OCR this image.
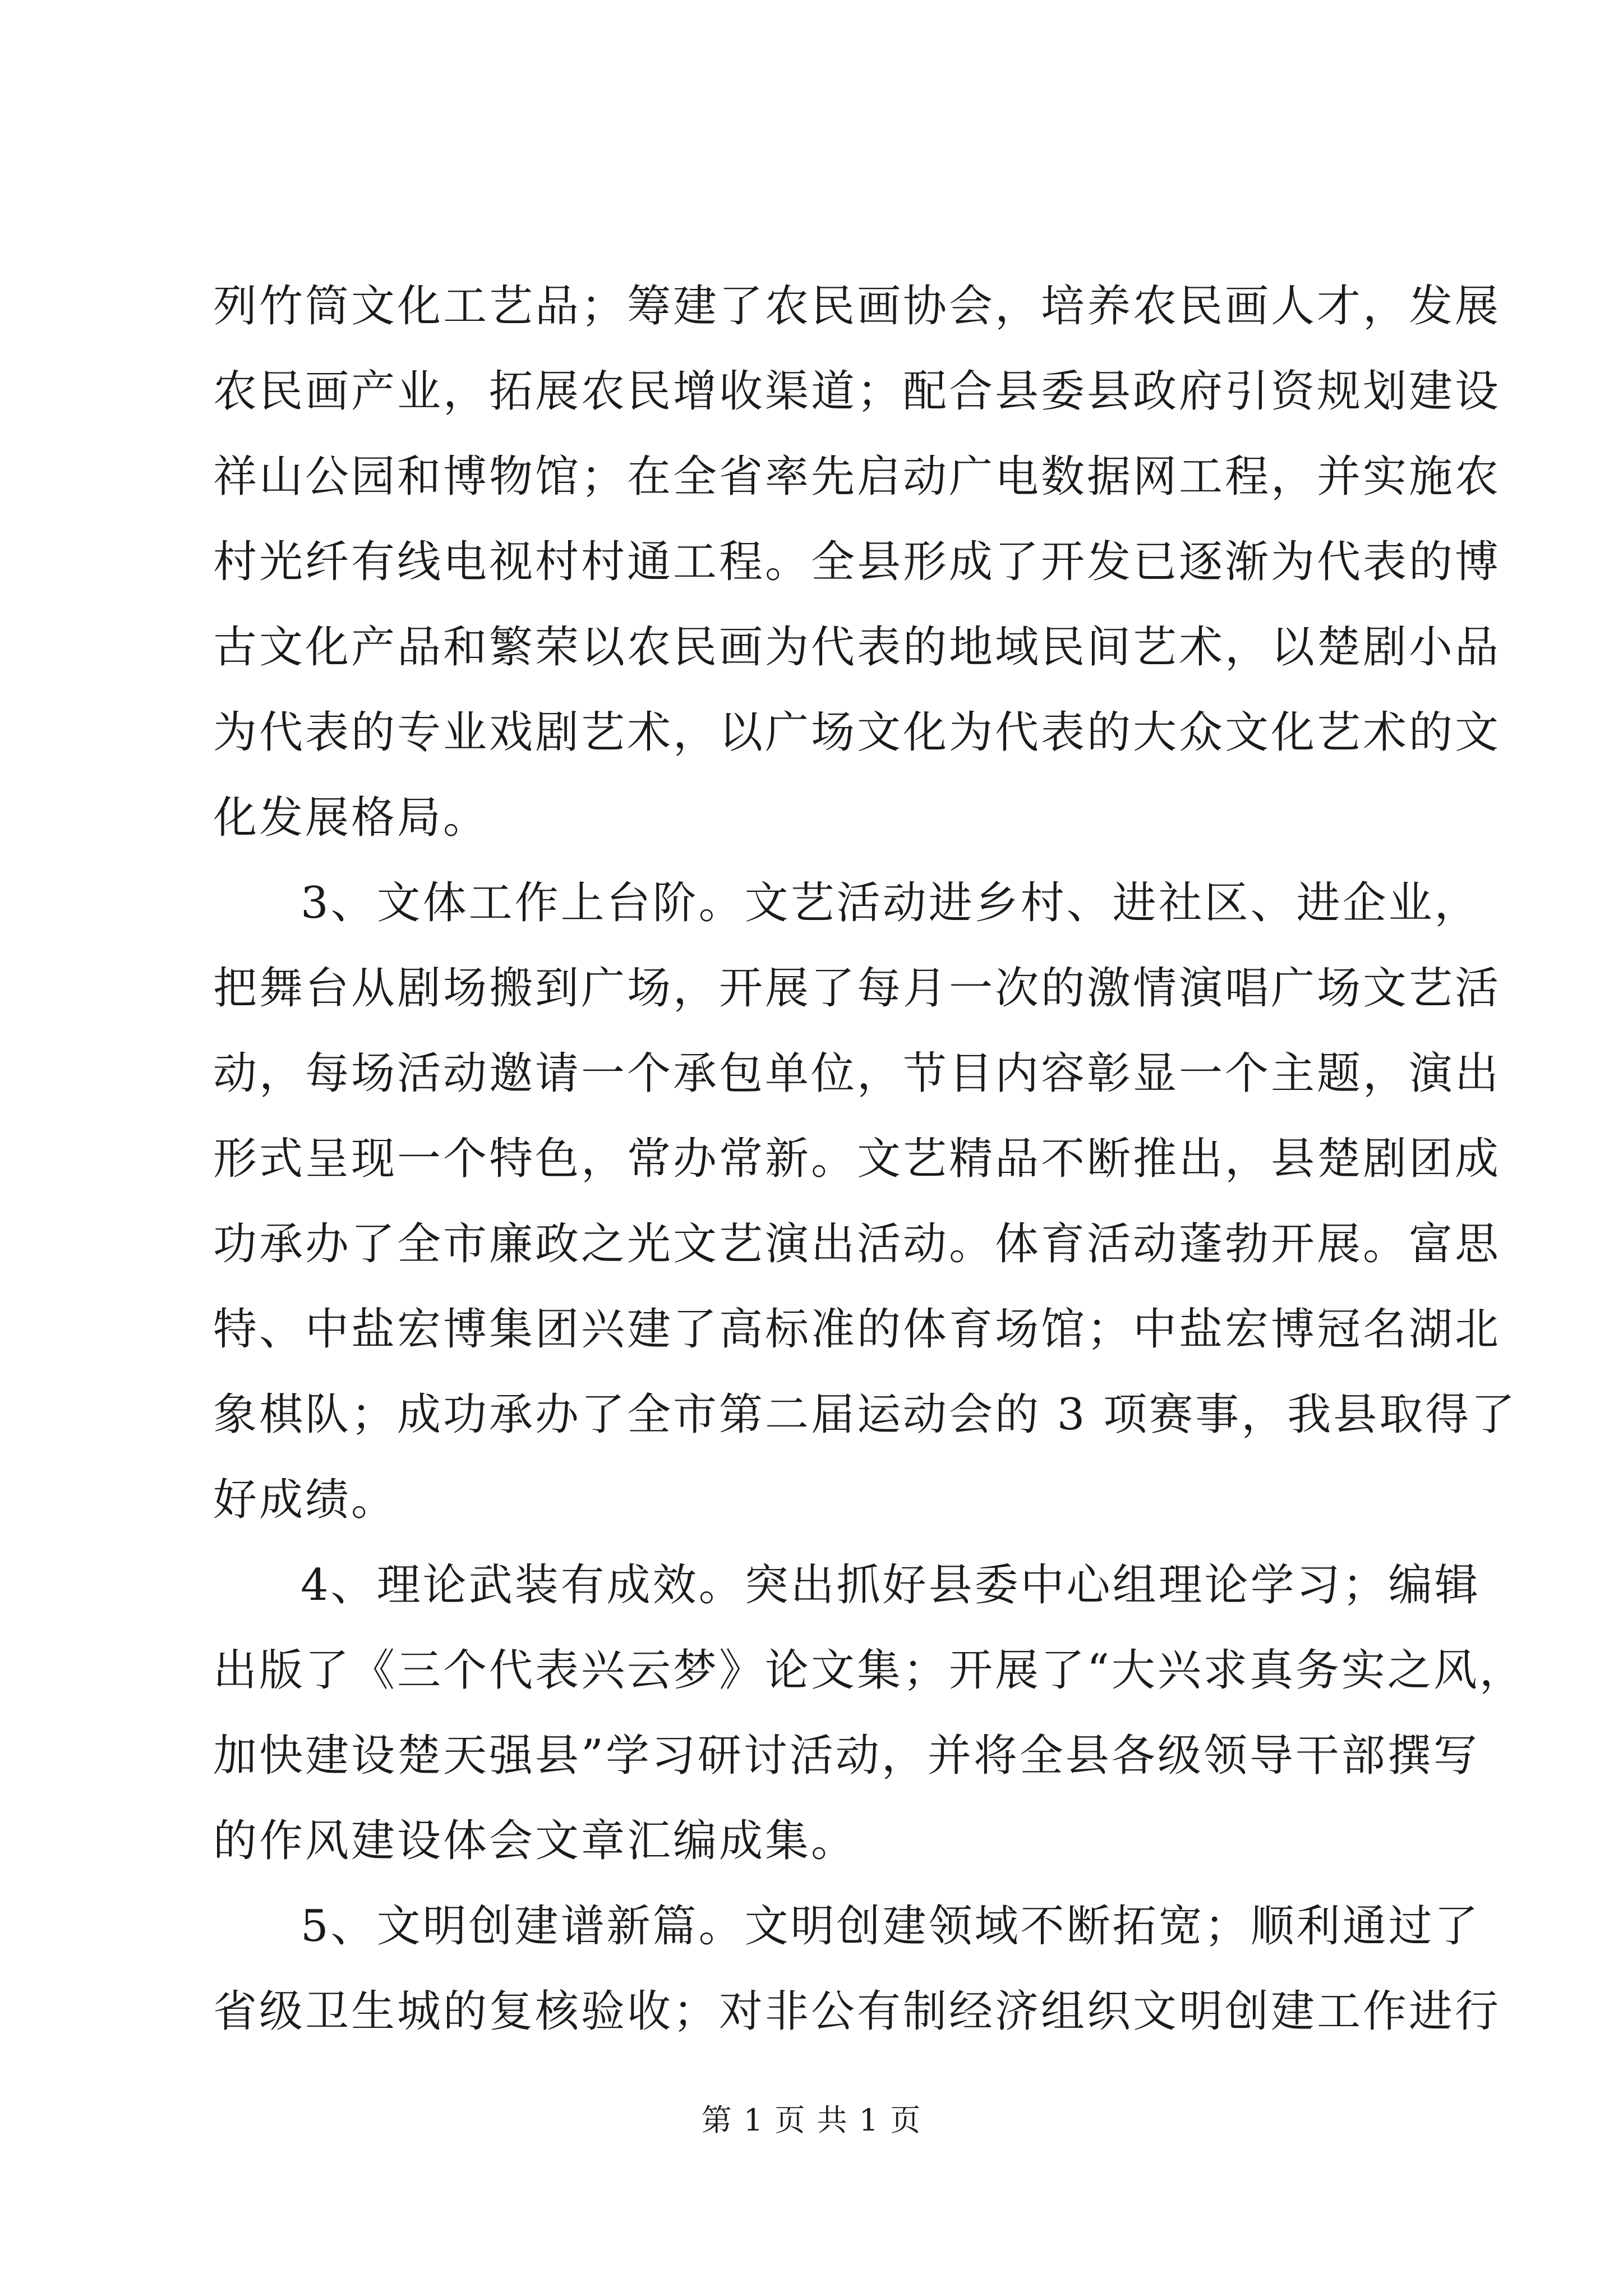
列竹筒文化工艺品；筹建了农民画协会，培养农民画人才，发展
农民画产业，拓展农民增收渠道；配合县委县政府引资规划建设
祥山公园和博物馆；在全省率先启动广电数据网工程，并实施农
村光纤有线电视村村通工程。全县形成了开发已逐渐为代表的博
古文化产品和繁荣以农民画为代表的地域民间艺术，以楚剧小品
为代表的专业戏剧艺术，以广场文化为代表的大众文化艺术的文
化发展格局。
3、文体工作上台阶。文艺活动进乡村、进社区、进企业，
把舞台从剧场搬到广场，开展了每月一次的激情演唱广场文艺活
动，每场活动邀请一个承包单位，节目内容彰显一个主题，演出
形式呈现一个特色，常办常新。文艺精品不断推出，县楚剧团成
功承办了全市廉政之光文艺演出活动。体育活动蓬勃开展。富思
特、中盐宏博集团兴建了高标准的体育场馆；中盐宏博冠名湖北
象棋队；成功承办了全市第二届运动会的 3 项赛事，我县取得了
好成绩。
4、理论武装有成效。突出抓好县委中心组理论学习；编辑
出版了《三个代表兴云梦》论文集；开展了“大兴求真务实之风，
加快建设楚天强县”学习研讨活动，并将全县各级领导干部撰写
的作风建设体会文章汇编成集。
5、文明创建谱新篇。文明创建领域不断拓宽；顺利通过了
省级卫生城的复核验收；对非公有制经济组织文明创建工作进行
第 1 页 共 1 页
